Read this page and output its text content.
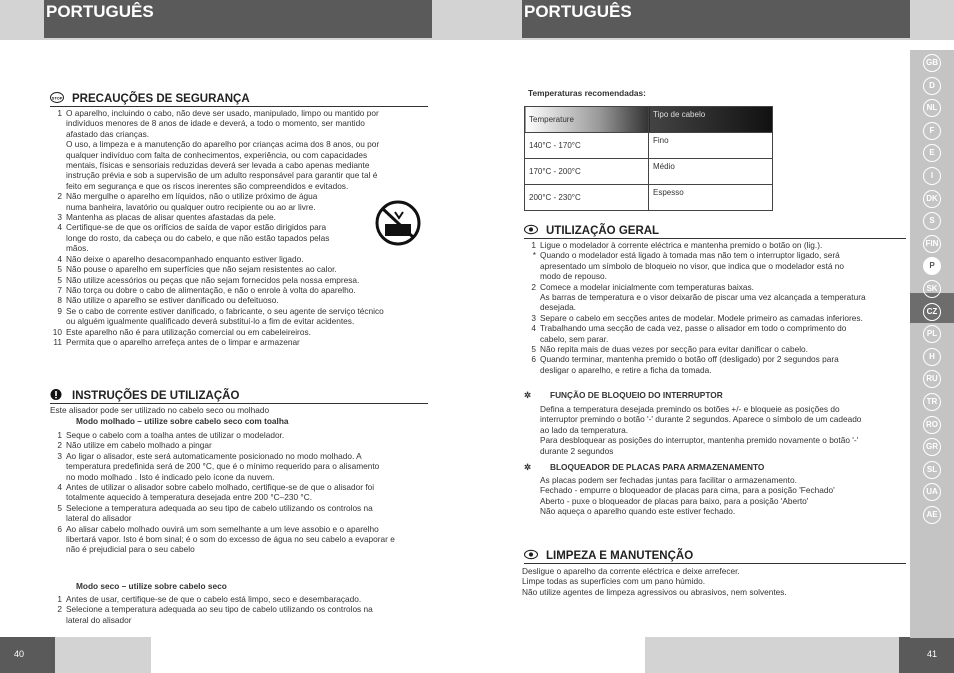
PORTUGUÊS
STOP PRECAUÇÕES DE SEGURANÇA
1 O aparelho, incluindo o cabo, não deve ser usado, manipulado, limpo ou mantido por
indivíduos menores de 8 anos de idade e deverá, a todo o momento, ser mantido
afastado das crianças.
O uso, a limpeza e a manutenção do aparelho por crianças acima dos 8 anos, ou por
qualquer indivíduo com falta de conhecimentos, experiência, ou com capacidades
mentais, físicas e sensoriais reduzidas deverá ser levada a cabo apenas mediante
instrução prévia e sob a supervisão de um adulto responsável para garantir que tal é
feito em segurança e que os riscos inerentes são compreendidos e evitados.
2 Não mergulhe o aparelho em líquidos, não o utilize próximo de água
numa banheira, lavatório ou qualquer outro recipiente ou ao ar livre.
3 Mantenha as placas de alisar quentes afastadas da pele.
4 Certifique-se de que os orifícios de saída de vapor estão dirigidos para
longe do rosto, da cabeça ou do cabelo, e que não estão tapados pelas
mãos.
4 Não deixe o aparelho desacompanhado enquanto estiver ligado.
5 Não pouse o aparelho em superfícies que não sejam resistentes ao calor.
5 Não utilize acessórios ou peças que não sejam fornecidos pela nossa empresa.
7 Não torça ou dobre o cabo de alimentação, e não o enrole à volta do aparelho.
8 Não utilize o aparelho se estiver danificado ou defeituoso.
9 Se o cabo de corrente estiver danificado, o fabricante, o seu agente de serviço técnico
ou alguém igualmente qualificado deverá substituí-lo a fim de evitar acidentes.
10 Este aparelho não é para utilização comercial ou em cabeleireiros.
11 Permita que o aparelho arrefeça antes de o limpar e armazenar
INSTRUÇÕES DE UTILIZAÇÃO
Este alisador pode ser utilizado no cabelo seco ou molhado
Modo molhado – utilize sobre cabelo seco com toalha
1 Seque o cabelo com a toalha antes de utilizar o modelador.
2 Não utilize em cabelo molhado a pingar
3 Ao ligar o alisador, este será automaticamente posicionado no modo molhado. A
temperatura predefinida será de 200 °C, que é o mínimo requerido para o alisamento
no modo molhado . Isto é indicado pelo ícone da nuvem.
4 Antes de utilizar o alisador sobre cabelo molhado, certifique-se de que o alisador foi
totalmente aquecido à temperatura desejada entre 200 °C–230 °C.
5 Selecione a temperatura adequada ao seu tipo de cabelo utilizando os controlos na
lateral do alisador
6 Ao alisar cabelo molhado ouvirá um som semelhante a um leve assobio e o aparelho
libertará vapor. Isto é bom sinal; é o som do excesso de água no seu cabelo a evaporar e
não é prejudicial para o seu cabelo
Modo seco – utilize sobre cabelo seco
1 Antes de usar, certifique-se de que o cabelo está limpo, seco e desembaraçado.
2 Selecione a temperatura adequada ao seu tipo de cabelo utilizando os controlos na
lateral do alisador
40
PORTUGUÊS
Temperaturas recomendadas:
Temperature	Tipo de cabelo
140°C - 170°C	Fino
170°C - 200°C	Médio
200°C - 230°C	Espesso
UTILIZAÇÃO GERAL
1 Ligue o modelador à corrente eléctrica e mantenha premido o botão on (lig.).
* Quando o modelador está ligado à tomada mas não tem o interruptor ligado, será
apresentado um símbolo de bloqueio no visor, que indica que o modelador está no
modo de repouso.
2 Comece a modelar inicialmente com temperaturas baixas.
As barras de temperatura e o visor deixarão de piscar uma vez alcançada a temperatura
desejada.
3 Separe o cabelo em secções antes de modelar. Modele primeiro as camadas inferiores.
4 Trabalhando uma secção de cada vez, passe o alisador em todo o comprimento do
cabelo, sem parar.
5 Não repita mais de duas vezes por secção para evitar danificar o cabelo.
6 Quando terminar, mantenha premido o botão off (desligado) por 2 segundos para
desligar o aparelho, e retire a ficha da tomada.
✲ FUNÇÃO DE BLOQUEIO DO INTERRUPTOR
Defina a temperatura desejada premindo os botões +/- e bloqueie as posições do
interruptor premindo o botão '-' durante 2 segundos. Aparece o símbolo de um cadeado
ao lado da temperatura.
Para desbloquear as posições do interruptor, mantenha premido novamente o botão '-'
durante 2 segundos
✲ BLOQUEADOR DE PLACAS PARA ARMAZENAMENTO
As placas podem ser fechadas juntas para facilitar o armazenamento.
Fechado - empurre o bloqueador de placas para cima, para a posição 'Fechado'
Aberto - puxe o bloqueador de placas para baixo, para a posição 'Aberto'
Não aqueça o aparelho quando este estiver fechado.
LIMPEZA E MANUTENÇÃO
Desligue o aparelho da corrente eléctrica e deixe arrefecer.
Limpe todas as superfícies com um pano húmido.
Não utilize agentes de limpeza agressivos ou abrasivos, nem solventes.
41
GB
D
NL
F
E
I
DK
S
FIN
P
SK
CZ
PL
H
RU
TR
RO
GR
SL
UA
AE
